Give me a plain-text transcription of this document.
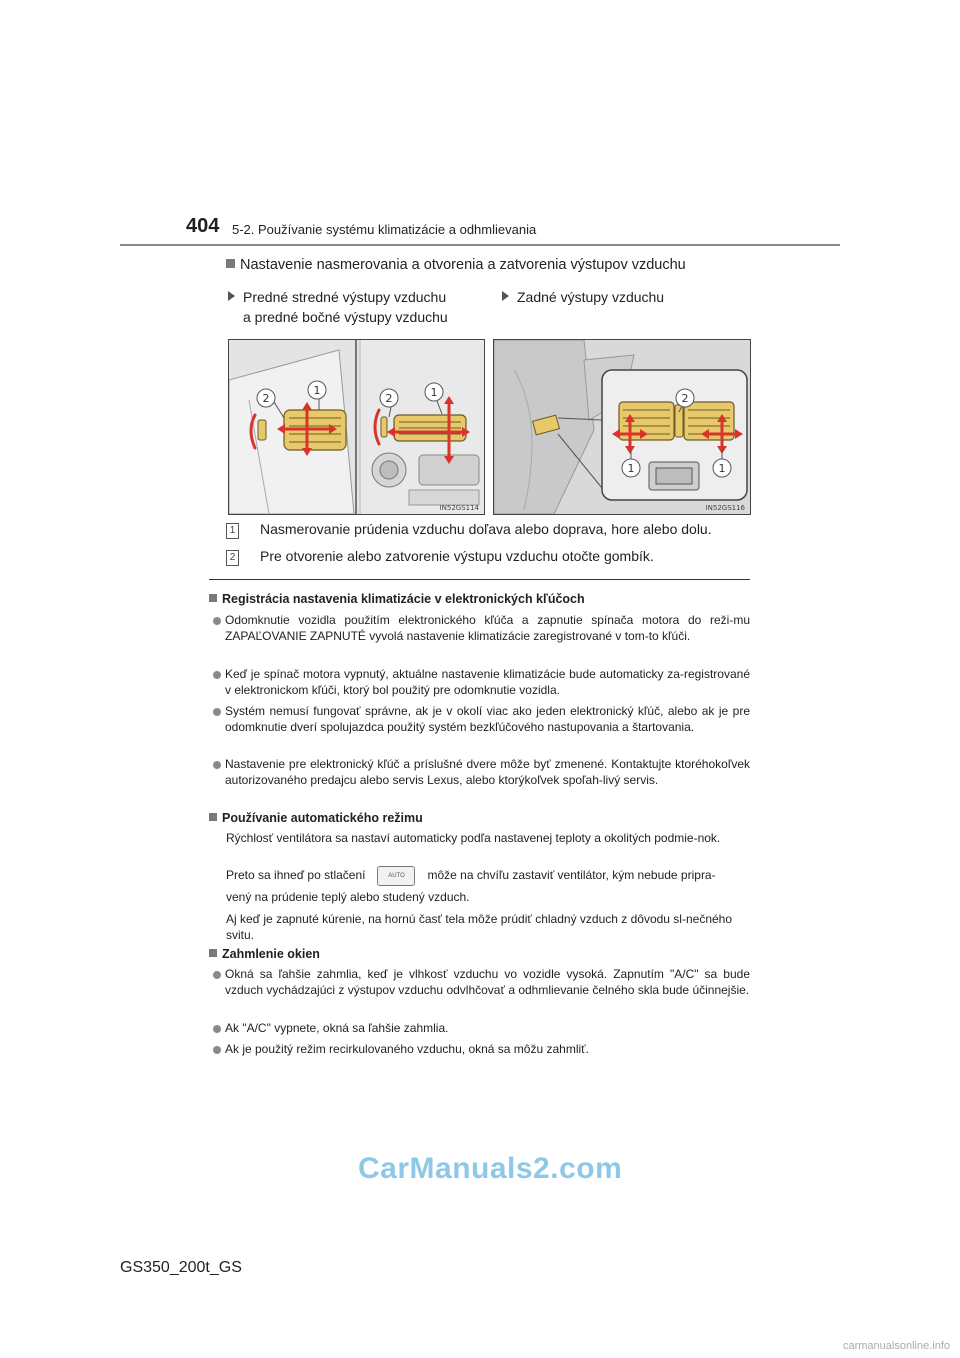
404 5-2. Používanie systému klimatizácie a odhmlievania
Nastavenie nasmerovania a otvorenia a zatvorenia výstupov vzduchu
Predné stredné výstupy vzduchu
a predné bočné výstupy vzduchu
Zadné výstupy vzduchu
2
1
2	1
IN52GS114
2
1	1
IN52GS116
1 Nasmerovanie prúdenia vzduchu doľava alebo doprava, hore alebo dolu.
2 Pre otvorenie alebo zatvorenie výstupu vzduchu otočte gombík.
Registrácia nastavenia klimatizácie v elektronických kľúčoch
Odomknutie vozidla použitím elektronického kľúča a zapnutie spínača motora do reži-mu ZAPAĽOVANIE ZAPNUTÉ vyvolá nastavenie klimatizácie zaregistrované v tom-to kľúči.
Keď je spínač motora vypnutý, aktuálne nastavenie klimatizácie bude automaticky za-registrované v elektronickom kľúči, ktorý bol použitý pre odomknutie vozidla.
Systém nemusí fungovať správne, ak je v okolí viac ako jeden elektronický kľúč, alebo ak je pre odomknutie dverí spolujazdca použitý systém bezkľúčového nastupovania a štartovania.
Nastavenie pre elektronický kľúč a príslušné dvere môže byť zmenené. Kontaktujte ktoréhokoľvek autorizovaného predajcu alebo servis Lexus, alebo ktorýkoľvek spoľah-livý servis.
Používanie automatického režimu
Rýchlosť ventilátora sa nastaví automaticky podľa nastavenej teploty a okolitých podmie-nok.
Preto sa ihneď po stlačení	AUTO môže na chvíľu zastaviť ventilátor, kým nebude pripra-
vený na prúdenie teplý alebo studený vzduch.
Aj keď je zapnuté kúrenie, na hornú časť tela môže prúdiť chladný vzduch z dôvodu sl-nečného svitu.
Zahmlenie okien
Okná sa ľahšie zahmlia, keď je vlhkosť vzduchu vo vozidle vysoká. Zapnutím "A/C" sa bude vzduch vychádzajúci z výstupov vzduchu odvlhčovať a odhmlievanie čelného skla bude účinnejšie.
Ak "A/C" vypnete, okná sa ľahšie zahmlia.
Ak je použitý režim recirkulovaného vzduchu, okná sa môžu zahmliť.
CarManuals2.com
GS350_200t_GS
carmanualsonline.info
